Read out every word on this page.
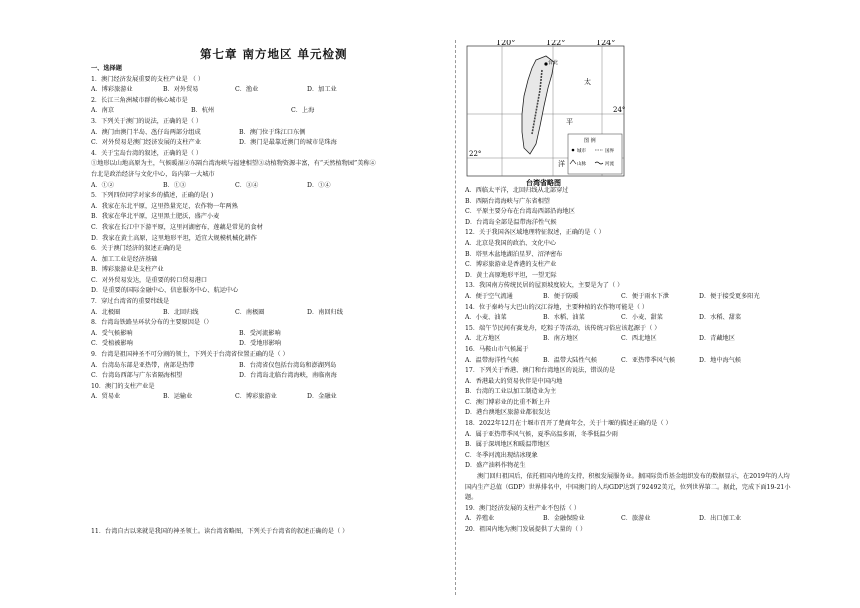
第七章 南方地区 单元检测
一、选择题
1．澳门经济发展重要的支柱产业是 （ ）
A．博彩旅游业	B．对外贸易	C．渔业	D．加工业
2．长江三角洲城市群的核心城市是
A．南京	B．杭州	C．上海
3．下列关于澳门的说法，正确的是（ ）
A．澳门由澳门半岛、氹仔岛两部分组成	B．澳门位于珠江口东侧
C．对外贸易是澳门经济发展的支柱产业	D．澳门是最靠近澳门的城市是珠海
4．关于宝岛台湾的叙述，正确的是（ ）
①地形以山地高原为主，气候暖湿②东隔台湾海峡与福建相望③动植物资源丰富，有“天然植物园”美称④
台北是政治经济与文化中心，岛内第一大城市
A．①②	B．①③	C．③④	D．①④
5．下列四位同学对家乡的描述，正确的是( )
A．我家在东北平原，这里热量充足，农作物一年两熟
B．我家在华北平原，这里黑土肥沃，盛产小麦
C．我家在长江中下游平原，这里河湖密布，莲藕是常见的食材
D．我家在黄土高原，这里地形平坦，适宜大规模机械化耕作
6．关于澳门经济的叙述正确的是
A．加工工业是经济基础
B．博彩旅游业是支柱产业
C．对外贸易发达，是重要的转口贸易港口
D．是重要的国际金融中心、信息服务中心、航运中心
7．穿过台湾省的重要纬线是
A．北极圈	B．北回归线	C．南极圈	D．南回归线
8．台湾岛铁路呈环状分布的主要原因是（）
A．受气候影响	B．受河流影响
C．受植被影响	D．受地形影响
9．台湾是祖国神圣不可分割的领土，下列关于台湾省位置正确的是（ ）
A．台湾岛东部是亚热带，南部是热带	B．台湾省仅包括台湾岛和澎湖列岛
C．台湾岛西部与广东省隔海相望	D．台湾岛北临台湾海峡，南临南海
10．澳门的支柱产业是
A．贸易业	B．运输业	C．博彩旅游业	D．金融业
11．台湾自古以来就是我国的神圣领土。读台湾省略图，下列关于台湾省的叙述正确的是（ ）
120°	122°	124°
24°
22°
台北
太
平
洋
图 例
城市	国界
山脉	河流
台湾省略图
A．西临太平洋，北回归线从北部穿过
B．西隔台湾海峡与广东省相望
C．平原主要分布在台湾岛西部沿海地区
D．台湾岛全部是温带海洋性气候
12．关于我国各区域地理特征叙述，正确的是（ ）
A．北京是我国的政治、文化中心
B．塔里木盆地湖泊星罗、沼泽密布
C．博彩旅游业是香港的支柱产业
D．黄土高原地形平坦，一望无际
13．我国南方传统民居的屋顶坡度较大，主要是为了（ ）
A．便于空气流通	B．便于防暖	C．便于雨水下泄	D．便于接受更多阳光
14．位于秦岭与大巴山的汉江谷地，主要种植的农作物可能是（ ）
A．小麦、油菜	B．水稻、油菜	C．小麦、甜菜	D．水稻、甜菜
15．端午节民间有赛龙舟，吃粽子等活动，该传统习俗应该起源于（ ）
A．北方地区	B．南方地区	C．西北地区	D．青藏地区
16．马鞍山市气候属于
A．温带海洋性气候	B．温带大陆性气候	C．亚热带季风气候	D．地中海气候
17．下列关于香港、澳门和台湾地区的说法，错误的是
A．香港最大的贸易伙伴是中国内地
B．台湾的工业以加工制造业为主
C．澳门博彩业的比重不断上升
D．港台澳地区旅游业都很发达
18．2022年12月在十堰市召开了楚商年会，关于十堰的描述正确的是（ ）
A．属于亚热带季风气候，夏季高温多雨，冬季低温少雨
B．属于深圳地区和暖温带地区
C．冬季河流出现结冰现象
D．盛产油料作物花生
澳门回归祖国后，依托祖国内地的支持，积极发展服务业。据国际货币基金组织发布的数据显示，在2019年的人均国内生产总值（GDP）世界排名中，中国澳门的人均GDP达到了92492美元，位列世界第二。据此，完成下面19-21小题。
19．澳门经济发展的支柱产业不包括（ ）
A．养殖业	B．金融保险业	C．旅游业	D．出口加工业
20．祖国内地为澳门发展提供了大量的（ ）
